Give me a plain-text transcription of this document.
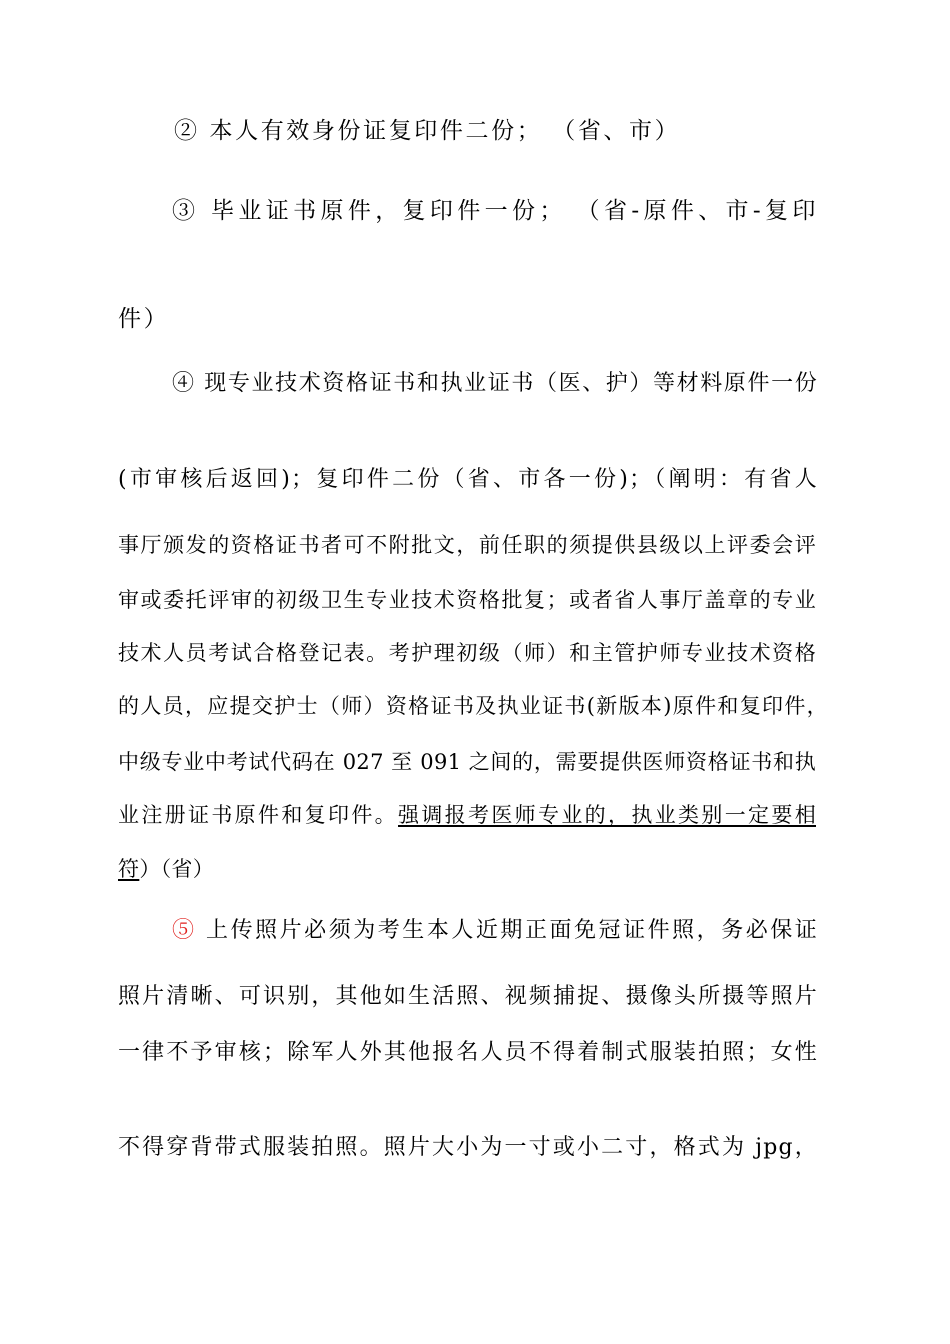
② 本人有效身份证复印件二份； （省、市）
③ 毕业证书原件，复印件一份； （省-原件、市-复印
件）
④ 现专业技术资格证书和执业证书（医、护）等材料原件一份
(市审核后返回)；复印件二份（省、市各一份)；（阐明：有省人
事厅颁发的资格证书者可不附批文，前任职的须提供县级以上评委会评
审或委托评审的初级卫生专业技术资格批复；或者省人事厅盖章的专业
技术人员考试合格登记表。考护理初级（师）和主管护师专业技术资格
的人员，应提交护士（师）资格证书及执业证书(新版本)原件和复印件，
中级专业中考试代码在 027 至 091 之间的，需要提供医师资格证书和执
业注册证书原件和复印件。强调报考医师专业的，执业类别一定要相
符）（省）
⑤ 上传照片必须为考生本人近期正面免冠证件照，务必保证
照片清晰、可识别，其他如生活照、视频捕捉、摄像头所摄等照片
一律不予审核；除军人外其他报名人员不得着制式服装拍照；女性
不得穿背带式服装拍照。照片大小为一寸或小二寸，格式为 jpg，
